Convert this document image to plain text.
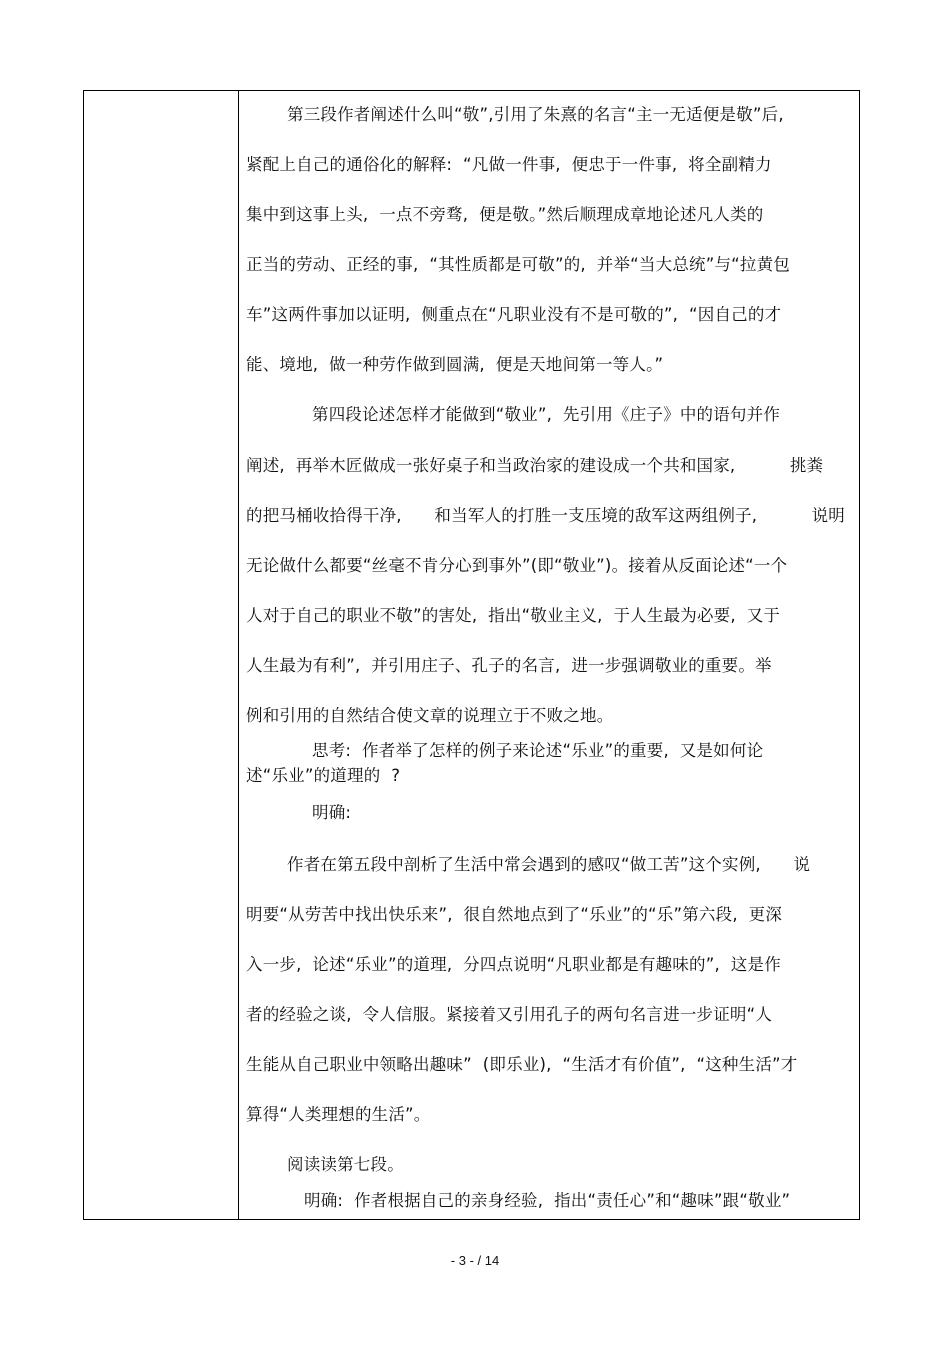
第三段作者阐述什么叫“敬”,引用了朱熹的名言“主一无适便是敬”后,
紧配上自己的通俗化的解释:  “凡做一件事,  便忠于一件事,  将全副精力
集中到这事上头,  一点不旁骛,  便是敬。”然后顺理成章地论述凡人类的
正当的劳动、正经的事,  “其性质都是可敬”的,  并举“当大总统”与“拉黄包
车”这两件事加以证明,  侧重点在“凡职业没有不是可敬的”,  “因自己的才
能、境地,  做一种劳作做到圆满,  便是天地间第一等人。”
第四段论述怎样才能做到“敬业”,  先引用《庄子》中的语句并作
阐述,  再举木匠做成一张好桌子和当政治家的建设成一个共和国家,          挑粪
的把马桶收拾得干净,      和当军人的打胜一支压境的敌军这两组例子,          说明
无论做什么都要“丝毫不肯分心到事外”(即“敬业”)。接着从反面论述“一个
人对于自己的职业不敬”的害处,  指出“敬业主义,  于人生最为必要,  又于
人生最为有利”,  并引用庄子、孔子的名言,  进一步强调敬业的重要。举
例和引用的自然结合使文章的说理立于不败之地。
思考:  作者举了怎样的例子来论述“乐业”的重要,  又是如何论
述“乐业”的道理的  ?
明确:
作者在第五段中剖析了生活中常会遇到的感叹“做工苦”这个实例,      说
明要“从劳苦中找出快乐来”,  很自然地点到了“乐业”的“乐”第六段,  更深
入一步,  论述“乐业”的道理,  分四点说明“凡职业都是有趣味的”,  这是作
者的经验之谈,  令人信服。紧接着又引用孔子的两句名言进一步证明“人
生能从自己职业中领略出趣味”  (即乐业),  “生活才有价值”,  “这种生活”才
算得“人类理想的生活”。
阅读读第七段。
明确:  作者根据自己的亲身经验,  指出“责任心”和“趣味”跟“敬业”
- 3 - / 14
